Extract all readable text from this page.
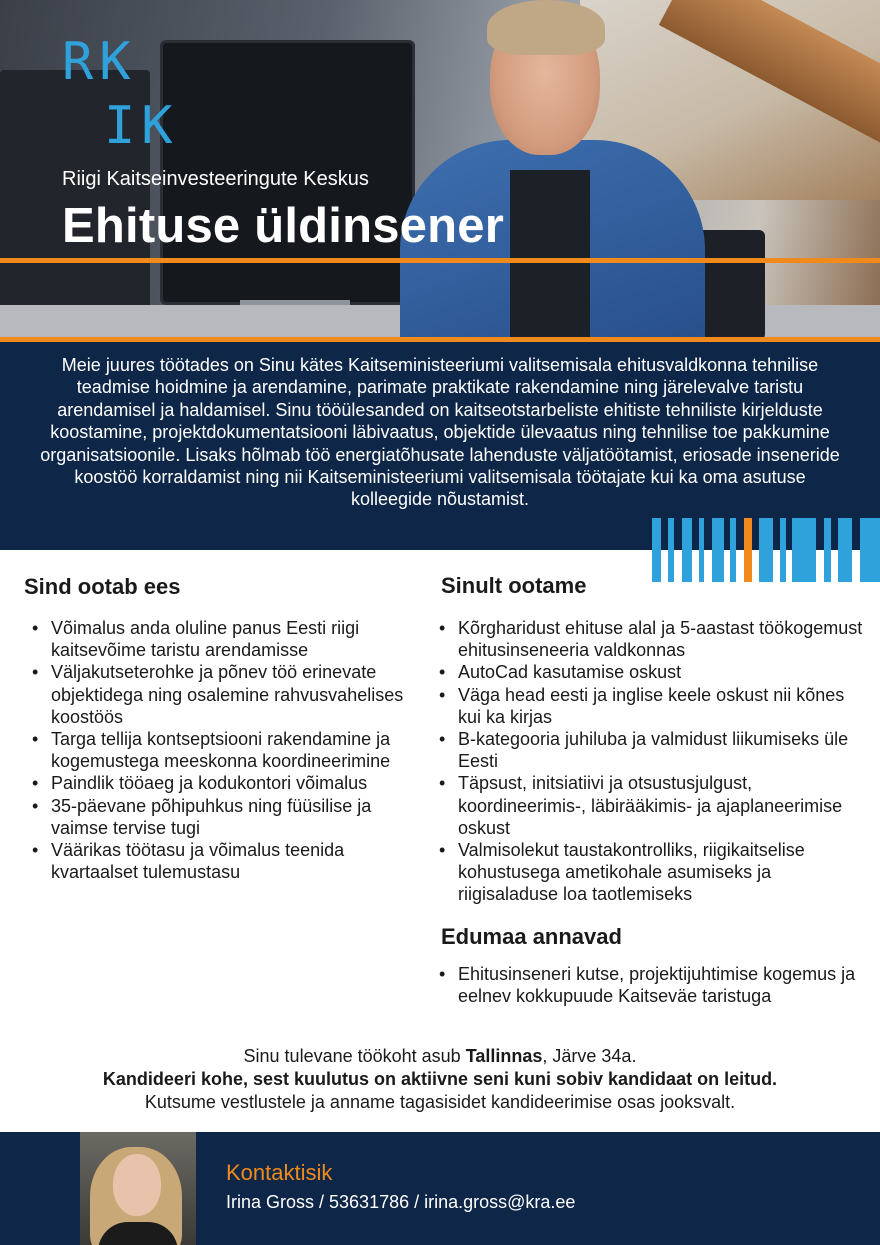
RK
IK
Riigi Kaitseinvesteeringute Keskus
Ehituse üldinsener

Meie juures töötades on Sinu kätes Kaitseministeeriumi valitsemisala ehitusvaldkonna tehnilise teadmise hoidmine ja arendamine, parimate praktikate rakendamine ning järelevalve taristu arendamisel ja haldamisel. Sinu tööülesanded on kaitseotstarbeliste ehitiste tehniliste kirjelduste koostamine, projektdokumentatsiooni läbivaatus, objektide ülevaatus ning tehnilise toe pakkumine organisatsioonile. Lisaks hõlmab töö energiatõhusate lahenduste väljatöötamist, eriosade inseneride koostöö korraldamist ning nii Kaitseministeeriumi valitsemisala töötajate kui ka oma asutuse kolleegide nõustamist.

Sind ootab ees
• Võimalus anda oluline panus Eesti riigi kaitsevõime taristu arendamisse
• Väljakutseterohke ja põnev töö erinevate objektidega ning osalemine rahvusvahelises koostöös
• Targa tellija kontseptsiooni rakendamine ja kogemustega meeskonna koordineerimine
• Paindlik tööaeg ja kodukontori võimalus
• 35-päevane põhipuhkus ning füüsilise ja vaimse tervise tugi
• Väärikas töötasu ja võimalus teenida kvartaalset tulemustasu
Sinult ootame
• Kõrgharidust ehituse alal ja 5-aastast töökogemust ehitusinseneeria valdkonnas
• AutoCad kasutamise oskust
• Väga head eesti ja inglise keele oskust nii kõnes kui ka kirjas
• B-kategooria juhiluba ja valmidust liikumiseks üle Eesti
• Täpsust, initsiatiivi ja otsustusjulgust, koordineerimis-, läbirääkimis- ja ajaplaneerimise oskust
• Valmisolekut taustakontrolliks, riigikaitselise kohustusega ametikohale asumiseks ja riigisaladuse loa taotlemiseks
Edumaa annavad
• Ehitusinseneri kutse, projektijuhtimise kogemus ja eelnev kokkupuude Kaitseväe taristuga
Sinu tulevane töökoht asub Tallinnas, Järve 34a.
Kandideeri kohe, sest kuulutus on aktiivne seni kuni sobiv kandidaat on leitud.
Kutsume vestlustele ja anname tagasisidet kandideerimise osas jooksvalt.
Kontaktisik
Irina Gross / 53631786 / irina.gross@kra.ee
